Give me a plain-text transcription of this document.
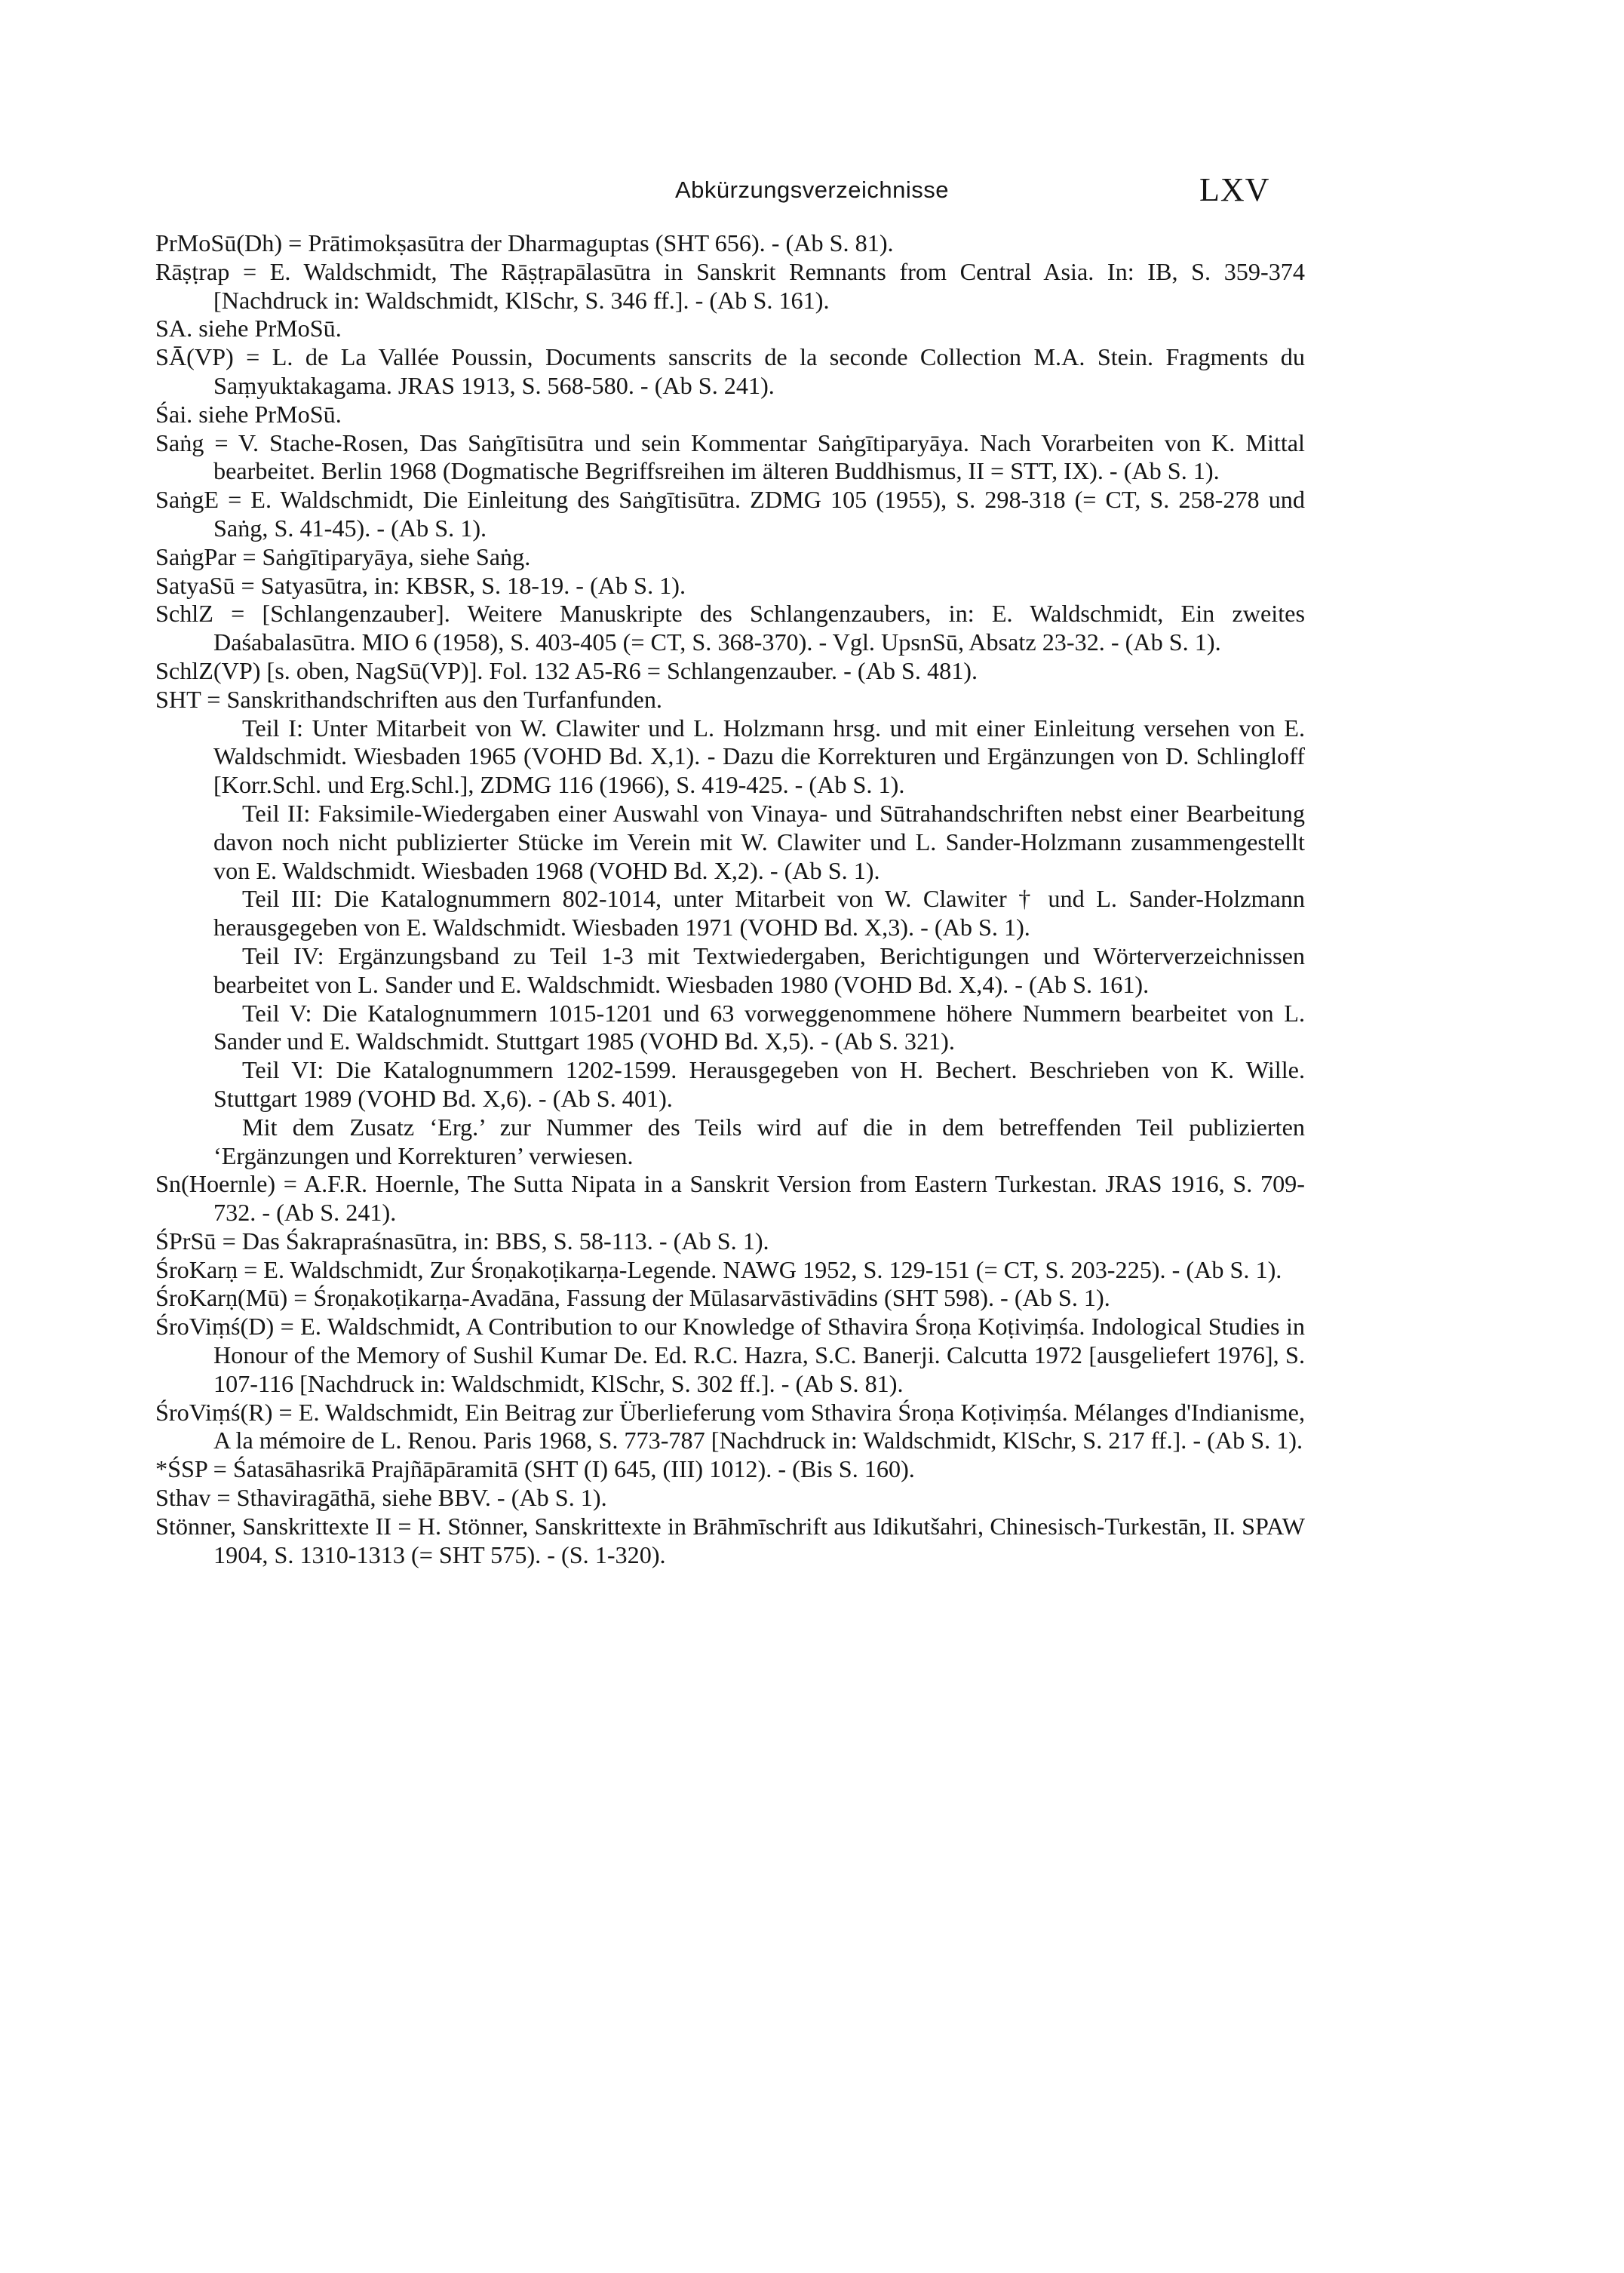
Abkürzungsverzeichnisse	LXV

PrMoSū(Dh) = Prātimokṣasūtra der Dharmaguptas (SHT 656). - (Ab S. 81).

Rāṣṭrap = E. Waldschmidt, The Rāṣṭrapālasūtra in Sanskrit Remnants from Central Asia. In: IB, S. 359-374 [Nachdruck in: Waldschmidt, KlSchr, S. 346 ff.]. - (Ab S. 161).

SA. siehe PrMoSū.

SĀ(VP) = L. de La Vallée Poussin, Documents sanscrits de la seconde Collection M.A. Stein. Fragments du Saṃyuktakagama. JRAS 1913, S. 568-580. - (Ab S. 241).

Śai. siehe PrMoSū.

Saṅg = V. Stache-Rosen, Das Saṅgītisūtra und sein Kommentar Saṅgītiparyāya. Nach Vorarbeiten von K. Mittal bearbeitet. Berlin 1968 (Dogmatische Begriffsreihen im älteren Buddhismus, II = STT, IX). - (Ab S. 1).

SaṅgE = E. Waldschmidt, Die Einleitung des Saṅgītisūtra. ZDMG 105 (1955), S. 298-318 (= CT, S. 258-278 und Saṅg, S. 41-45). - (Ab S. 1).

SaṅgPar = Saṅgītiparyāya, siehe Saṅg.

SatyaSū = Satyasūtra, in: KBSR, S. 18-19. - (Ab S. 1).

SchlZ = [Schlangenzauber]. Weitere Manuskripte des Schlangenzaubers, in: E. Waldschmidt, Ein zweites Daśabalasūtra. MIO 6 (1958), S. 403-405 (= CT, S. 368-370). - Vgl. UpsnSū, Absatz 23-32. - (Ab S. 1).

SchlZ(VP) [s. oben, NagSū(VP)]. Fol. 132 A5-R6 = Schlangenzauber. - (Ab S. 481).

SHT = Sanskrithandschriften aus den Turfanfunden.

Teil I: Unter Mitarbeit von W. Clawiter und L. Holzmann hrsg. und mit einer Einleitung versehen von E. Waldschmidt. Wiesbaden 1965 (VOHD Bd. X,1). - Dazu die Korrekturen und Ergänzungen von D. Schlingloff [Korr.Schl. und Erg.Schl.], ZDMG 116 (1966), S. 419-425. - (Ab S. 1).

Teil II: Faksimile-Wiedergaben einer Auswahl von Vinaya- und Sūtrahandschriften nebst einer Bearbeitung davon noch nicht publizierter Stücke im Verein mit W. Clawiter und L. Sander-Holzmann zusammengestellt von E. Waldschmidt. Wiesbaden 1968 (VOHD Bd. X,2). - (Ab S. 1).

Teil III: Die Katalognummern 802-1014, unter Mitarbeit von W. Clawiter † und L. Sander-Holzmann herausgegeben von E. Waldschmidt. Wiesbaden 1971 (VOHD Bd. X,3). - (Ab S. 1).

Teil IV: Ergänzungsband zu Teil 1-3 mit Textwiedergaben, Berichtigungen und Wörterverzeichnissen bearbeitet von L. Sander und E. Waldschmidt. Wiesbaden 1980 (VOHD Bd. X,4). - (Ab S. 161).

Teil V: Die Katalognummern 1015-1201 und 63 vorweggenommene höhere Nummern bearbeitet von L. Sander und E. Waldschmidt. Stuttgart 1985 (VOHD Bd. X,5). - (Ab S. 321).

Teil VI: Die Katalognummern 1202-1599. Herausgegeben von H. Bechert. Beschrieben von K. Wille. Stuttgart 1989 (VOHD Bd. X,6). - (Ab S. 401).

Mit dem Zusatz ‘Erg.’ zur Nummer des Teils wird auf die in dem betreffenden Teil publizierten ‘Ergänzungen und Korrekturen’ verwiesen.

Sn(Hoernle) = A.F.R. Hoernle, The Sutta Nipata in a Sanskrit Version from Eastern Turkestan. JRAS 1916, S. 709-732. - (Ab S. 241).

ŚPrSū = Das Śakrapraśnasūtra, in: BBS, S. 58-113. - (Ab S. 1).

ŚroKarṇ = E. Waldschmidt, Zur Śroṇakoṭikarṇa-Legende. NAWG 1952, S. 129-151 (= CT, S. 203-225). - (Ab S. 1).

ŚroKarṇ(Mū) = Śroṇakoṭikarṇa-Avadāna, Fassung der Mūlasarvāstivādins (SHT 598). - (Ab S. 1).

ŚroViṃś(D) = E. Waldschmidt, A Contribution to our Knowledge of Sthavira Śroṇa Koṭiviṃśa. Indological Studies in Honour of the Memory of Sushil Kumar De. Ed. R.C. Hazra, S.C. Banerji. Calcutta 1972 [ausgeliefert 1976], S. 107-116 [Nachdruck in: Waldschmidt, KlSchr, S. 302 ff.]. - (Ab S. 81).

ŚroViṃś(R) = E. Waldschmidt, Ein Beitrag zur Überlieferung vom Sthavira Śroṇa Koṭiviṃśa. Mélanges d'Indianisme, A la mémoire de L. Renou. Paris 1968, S. 773-787 [Nachdruck in: Waldschmidt, KlSchr, S. 217 ff.]. - (Ab S. 1).

*ŚSP = Śatasāhasrikā Prajñāpāramitā (SHT (I) 645, (III) 1012). - (Bis S. 160).

Sthav = Sthaviragāthā, siehe BBV. - (Ab S. 1).

Stönner, Sanskrittexte II = H. Stönner, Sanskrittexte in Brāhmīschrift aus Idikutšahri, Chinesisch-Turkestān, II. SPAW 1904, S. 1310-1313 (= SHT 575). - (S. 1-320).
